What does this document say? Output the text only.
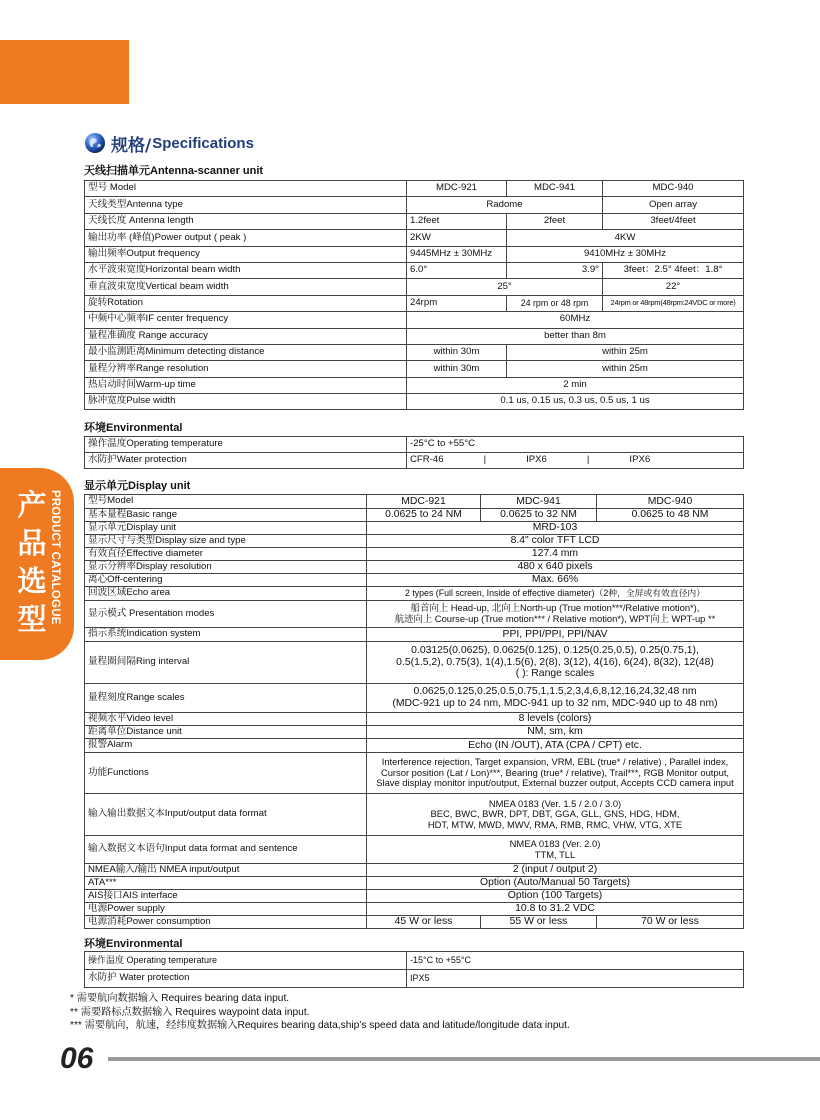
产
品
选
型 PRODUCT CATALOGUE
规格/ Specifications
天线扫描单元Antenna-scanner unit
型号 Model	MDC-921	MDC-941	MDC-940
天线类型Antenna type	Radome		Open array
天线长度 Antenna length	1.2feet	2feet	3feet/4feet
输出功率 (峰值)Power output ( peak )	2KW	4KW	
输出频率Output frequency	9445MHz ± 30MHz	9410MHz ± 30MHz	
水平波束宽度Horizontal beam width	6.0°	3.9°	3feet：2.5° 4feet：1.8°
垂直波束宽度Vertical beam width	25°		22°
旋转Rotation	24rpm	24 rpm or 48 rpm	24rpm or 48rpm(48rpm:24VDC or more)
中频中心频率IF center frequency	60MHz		
量程准确度 Range accuracy	better than 8m		
最小监测距离Minimum detecting distance	within 30m	within 25m	
量程分辨率Range resolution	within 30m	within 25m	
热启动时间Warm-up time	2 min		
脉冲宽度Pulse width	0.1 us, 0.15 us, 0.3 us, 0.5 us, 1 us		
环境Environmental
操作温度Operating temperature	-25°C to +55°C
水防护Water protection	CFR-46 | IPX6 | IPX6
显示单元Display unit
型号Model	MDC-921	MDC-941	MDC-940
基本量程Basic range	0.0625 to 24 NM	0.0625 to 32 NM	0.0625 to 48 NM
显示单元Display unit	MRD-103		
显示尺寸与类型Display size and type	8.4" color TFT LCD		
有效直径Effective diameter	127.4 mm		
显示分辨率Display resolution	480 x 640 pixels		
离心Off-centering	Max. 66%		
回波区域Echo area	2 types (Full screen, Inside of effective diameter)（2种，全屏或有效直径内）		
显示模式 Presentation modes	船首向上 Head-up, 北向上North-up (True motion***/Relative motion*),
航迹向上 Course-up (True motion*** / Relative motion*), WPT向上 WPT-up **		

指示系统Indication system	PPI, PPI/PPI, PPI/NAV		
量程圈间隔Ring interval	0.03125(0.0625), 0.0625(0.125), 0.125(0.25,0.5), 0.25(0.75,1),
0.5(1.5,2), 0.75(3), 1(4),1.5(6), 2(8), 3(12), 4(16), 6(24), 8(32), 12(48)
( ): Range scales		

量程刻度Range scales	0.0625,0.125,0.25,0.5,0.75,1,1.5,2,3,4,6,8,12,16,24,32,48 nm
(MDC-921 up to 24 nm, MDC-941 up to 32 nm, MDC-940 up to 48 nm)		

视频水平Video level	8 levels (colors)		
距离单位Distance unit	NM, sm, km		
报警Alarm	Echo (IN /OUT), ATA (CPA / CPT) etc.		
功能Functions	Interference rejection, Target expansion, VRM, EBL (true* / relative) , Parallel index,
Cursor position (Lat / Lon)***, Bearing (true* / relative), Trail***, RGB Monitor output,
Slave display monitor input/output, External buzzer output, Accepts CCD camera input		

输入输出数据文本Input/output data format	NMEA 0183 (Ver. 1.5 / 2.0 / 3.0)
BEC, BWC, BWR, DPT, DBT, GGA, GLL, GNS, HDG, HDM,
HDT, MTW, MWD, MWV, RMA, RMB, RMC, VHW, VTG, XTE		

输入数据文本语句Input data format and sentence	NMEA 0183 (Ver. 2.0)
TTM, TLL		

NMEA输入/输出 NMEA input/output	2 (input / output 2)		
ATA***	Option (Auto/Manual 50 Targets)		
AIS接口AIS interface	Option (100 Targets)		
电源Power supply	10.8 to 31.2 VDC		
电源消耗Power consumption	45 W or less	55 W or less	70 W or less
环境Environmental
操作温度 Operating temperature	-15°C to +55°C
水防护 Water protection	IPX5
* 需要航向数据输入 Requires bearing data input.
** 需要路标点数据输入 Requires waypoint data input.
*** 需要航向，航速，经纬度数据输入Requires bearing data,ship’s speed data and latitude/longitude data input.
06
